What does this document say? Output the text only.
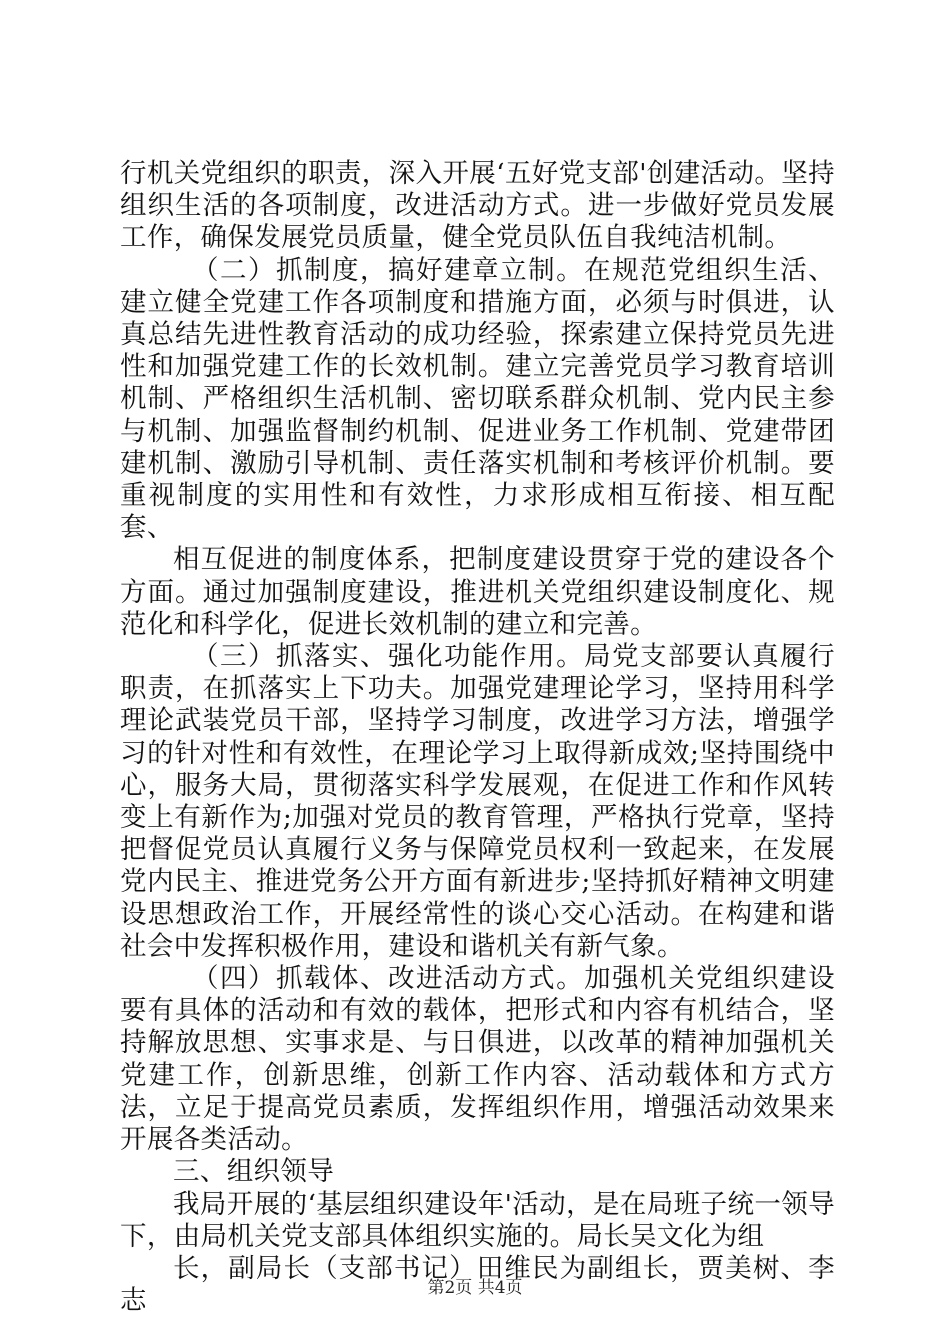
行机关党组织的职责，深入开展‘五好党支部'创建活动。坚持组织生活的各项制度，改进活动方式。进一步做好党员发展工作，确保发展党员质量，健全党员队伍自我纯洁机制。

（二）抓制度，搞好建章立制。在规范党组织生活、建立健全党建工作各项制度和措施方面，必须与时俱进，认真总结先进性教育活动的成功经验，探索建立保持党员先进性和加强党建工作的长效机制。建立完善党员学习教育培训机制、严格组织生活机制、密切联系群众机制、党内民主参与机制、加强监督制约机制、促进业务工作机制、党建带团建机制、激励引导机制、责任落实机制和考核评价机制。要重视制度的实用性和有效性，力求形成相互衔接、相互配套、

相互促进的制度体系，把制度建设贯穿于党的建设各个方面。通过加强制度建设，推进机关党组织建设制度化、规范化和科学化，促进长效机制的建立和完善。

（三）抓落实、强化功能作用。局党支部要认真履行职责，在抓落实上下功夫。加强党建理论学习，坚持用科学理论武装党员干部，坚持学习制度，改进学习方法，增强学习的针对性和有效性，在理论学习上取得新成效;坚持围绕中心，服务大局，贯彻落实科学发展观，在促进工作和作风转变上有新作为;加强对党员的教育管理，严格执行党章，坚持把督促党员认真履行义务与保障党员权利一致起来，在发展党内民主、推进党务公开方面有新进步;坚持抓好精神文明建设思想政治工作，开展经常性的谈心交心活动。在构建和谐社会中发挥积极作用，建设和谐机关有新气象。

（四）抓载体、改进活动方式。加强机关党组织建设要有具体的活动和有效的载体，把形式和内容有机结合，坚持解放思想、实事求是、与日俱进，以改革的精神加强机关党建工作，创新思维，创新工作内容、活动载体和方式方法，立足于提高党员素质，发挥组织作用，增强活动效果来开展各类活动。

三、组织领导

我局开展的‘基层组织建设年'活动，是在局班子统一领导下，由局机关党支部具体组织实施的。局长吴文化为组

长，副局长（支部书记）田维民为副组长，贾美树、李志	第2页 共4页
